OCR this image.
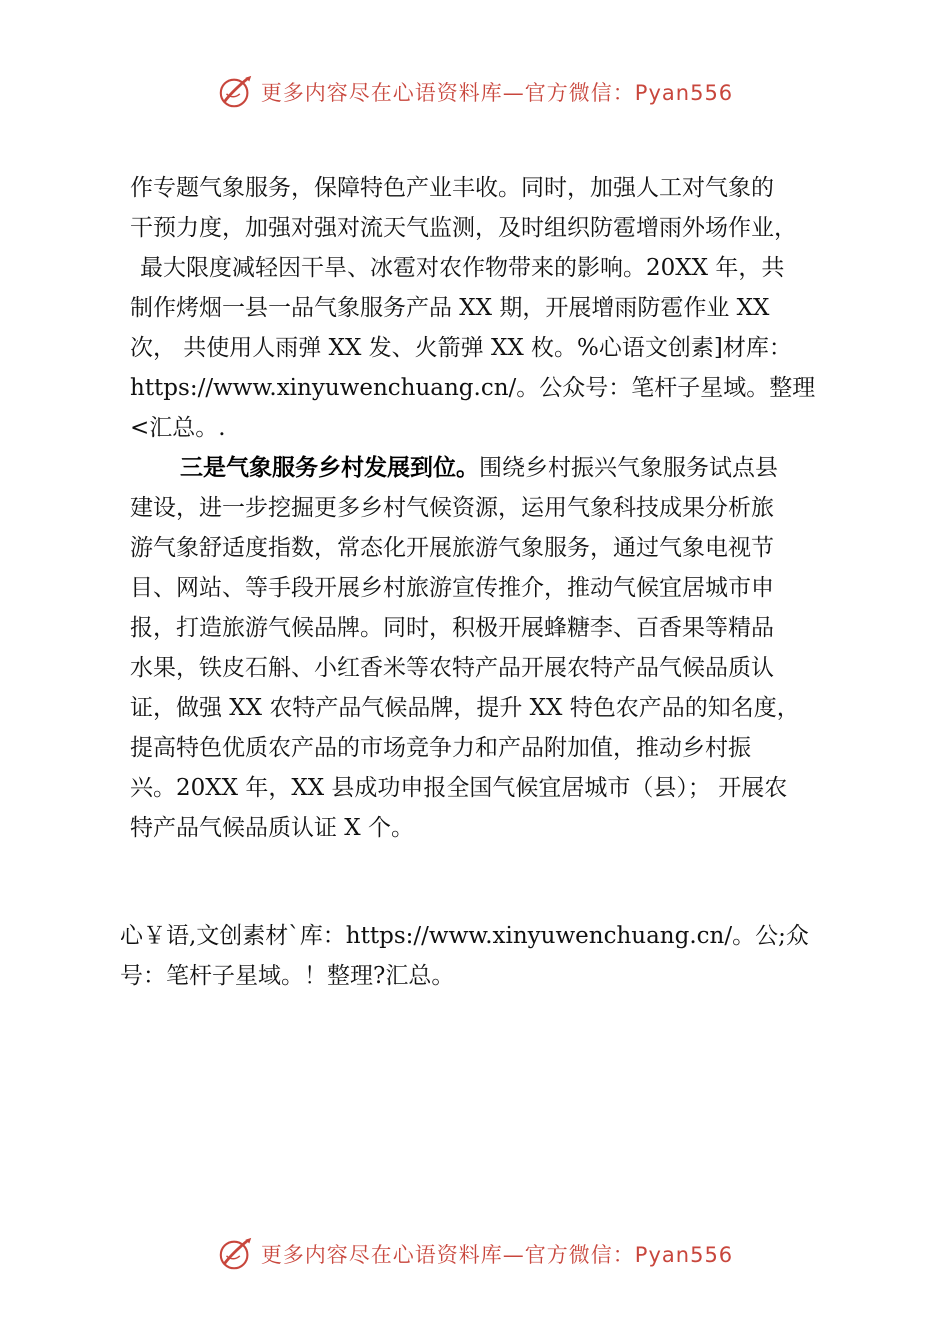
更多内容尽在心语资料库—官方微信：Pyan556
作专题气象服务，保障特色产业丰收。同时，加强人工对气象的
干预力度，加强对强对流天气监测，及时组织防雹增雨外场作业，
最大限度减轻因干旱、冰雹对农作物带来的影响。20XX 年，共
制作烤烟一县一品气象服务产品 XX 期，开展增雨防雹作业 XX
次， 共使用人雨弹 XX 发、火箭弹 XX 枚。%心语文创素]材库：
https://www.xinyuwenchuang.cn/。公众号：笔杆子星域。整理
<汇总。.
三是气象服务乡村发展到位。围绕乡村振兴气象服务试点县
建设，进一步挖掘更多乡村气候资源，运用气象科技成果分析旅
游气象舒适度指数，常态化开展旅游气象服务，通过气象电视节
目、网站、等手段开展乡村旅游宣传推介，推动气候宜居城市申
报，打造旅游气候品牌。同时，积极开展蜂糖李、百香果等精品
水果，铁皮石斛、小红香米等农特产品开展农特产品气候品质认
证，做强 XX 农特产品气候品牌，提升 XX 特色农产品的知名度，
提高特色优质农产品的市场竞争力和产品附加值，推动乡村振
兴。20XX 年，XX 县成功申报全国气候宜居城市（县）； 开展农
特产品气候品质认证 X 个。
心￥语,文创素材`库：https://www.xinyuwenchuang.cn/。公;众
号：笔杆子星域。！整理?汇总。
更多内容尽在心语资料库—官方微信：Pyan556
